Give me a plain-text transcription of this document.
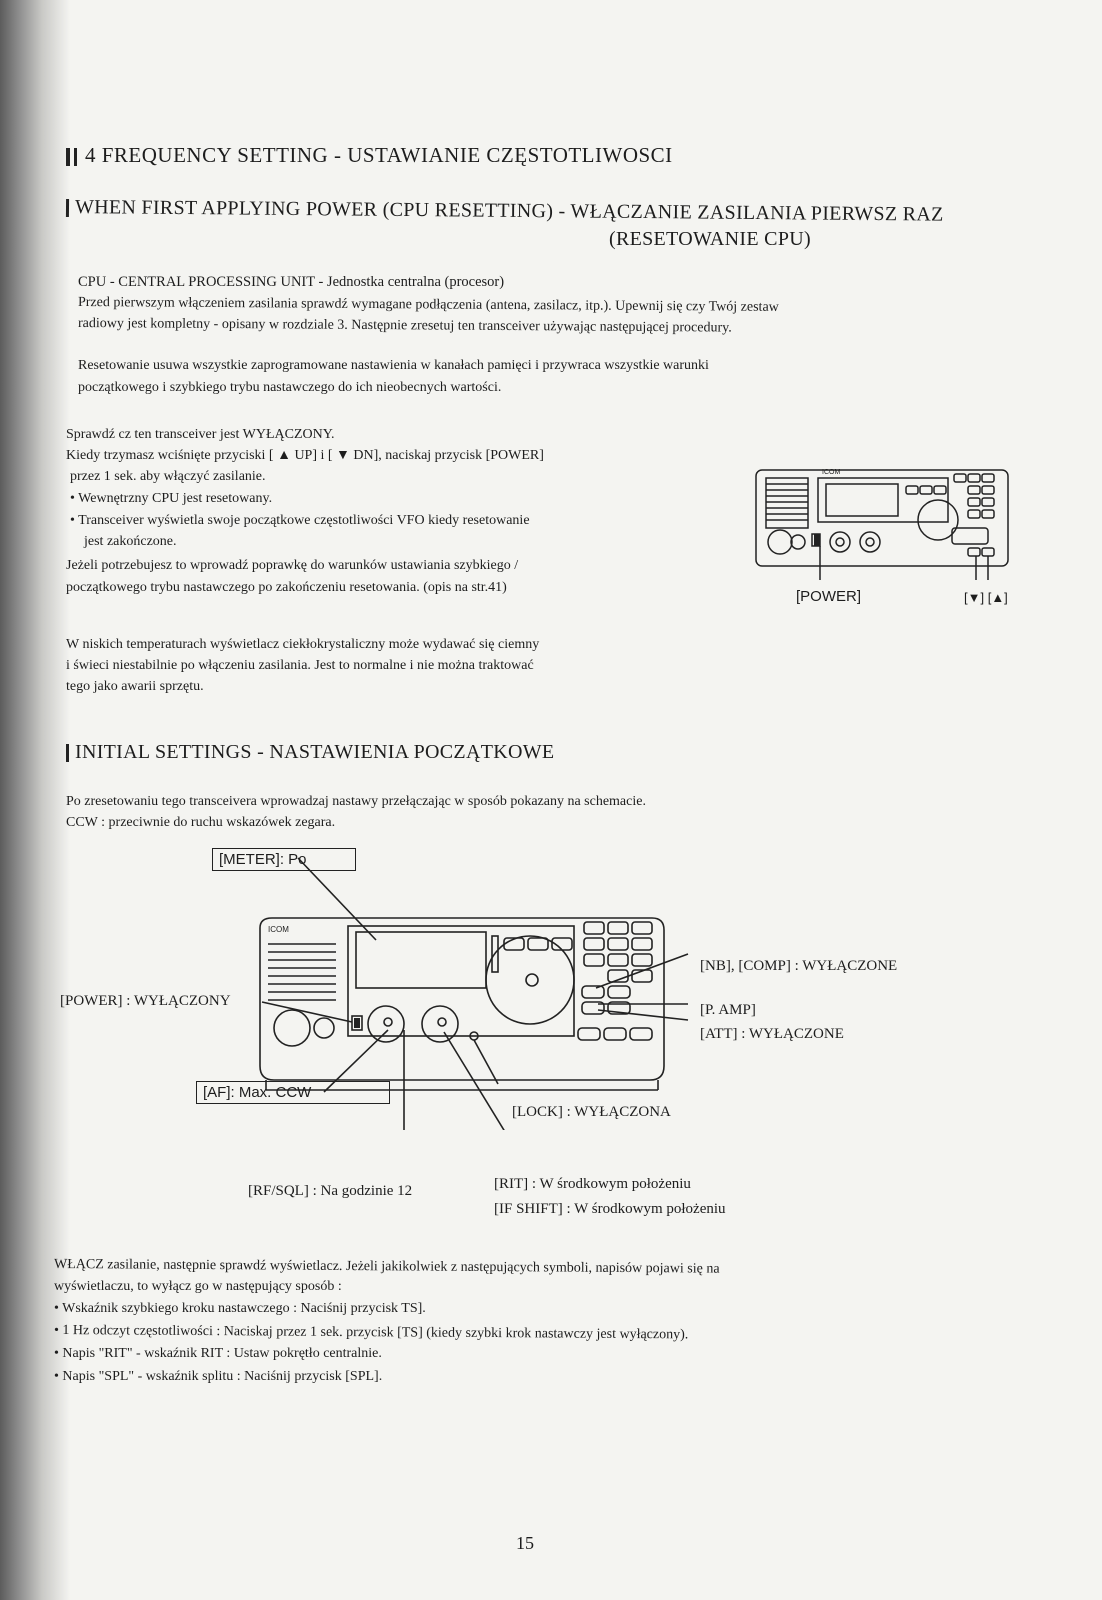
4 FREQUENCY SETTING - USTAWIANIE CZĘSTOTLIWOSCI
WHEN FIRST APPLYING POWER (CPU RESETTING) - WŁĄCZANIE ZASILANIA PIERWSZ RAZ
(RESETOWANIE CPU)
CPU - CENTRAL PROCESSING UNIT - Jednostka centralna (procesor)
Przed pierwszym włączeniem zasilania sprawdź wymagane podłączenia (antena, zasilacz, itp.). Upewnij się czy Twój zestaw
radiowy jest kompletny - opisany w rozdziale 3. Następnie zresetuj ten transceiver używając następującej procedury.
Resetowanie usuwa wszystkie zaprogramowane nastawienia w kanałach pamięci i przywraca wszystkie warunki
początkowego i szybkiego trybu nastawczego do ich nieobecnych wartości.
Sprawdź cz ten transceiver jest WYŁĄCZONY.
Kiedy trzymasz wciśnięte przyciski [ ▲ UP] i [ ▼ DN], naciskaj przycisk [POWER]
przez 1 sek. aby włączyć zasilanie.
• Wewnętrzny CPU jest resetowany.
• Transceiver wyświetla swoje początkowe częstotliwości VFO kiedy resetowanie
jest zakończone.
Jeżeli potrzebujesz to wprowadź poprawkę do warunków ustawiania szybkiego /
początkowego trybu nastawczego po zakończeniu resetowania. (opis na str.41)
ICOM
[POWER]	[▼] [▲]
W niskich temperaturach wyświetlacz ciekłokrystaliczny może wydawać się ciemny
i świeci niestabilnie po włączeniu zasilania. Jest to normalne i nie można traktować
tego jako awarii sprzętu.
INITIAL SETTINGS - NASTAWIENIA POCZĄTKOWE
Po zresetowaniu tego transceivera wprowadzaj nastawy przełączając w sposób pokazany na schemacie.
CCW : przeciwnie do ruchu wskazówek zegara.
ICOM
[METER]: Po
[POWER] : WYŁĄCZONY
[AF]: Max. CCW
[NB], [COMP] : WYŁĄCZONE
[P. AMP]
[ATT] : WYŁĄCZONE
[LOCK] : WYŁĄCZONA
[RF/SQL] : Na godzinie 12	[RIT] : W środkowym położeniu
[IF SHIFT] : W środkowym położeniu
WŁĄCZ zasilanie, następnie sprawdź wyświetlacz. Jeżeli jakikolwiek z następujących symboli, napisów pojawi się na
wyświetlaczu, to wyłącz go w następujący sposób :
• Wskaźnik szybkiego kroku nastawczego : Naciśnij przycisk TS].
• 1 Hz odczyt częstotliwości : Naciskaj przez 1 sek. przycisk [TS] (kiedy szybki krok nastawczy jest wyłączony).
• Napis "RIT" - wskaźnik RIT : Ustaw pokrętło centralnie.
• Napis "SPL" - wskaźnik splitu : Naciśnij przycisk [SPL].
15
